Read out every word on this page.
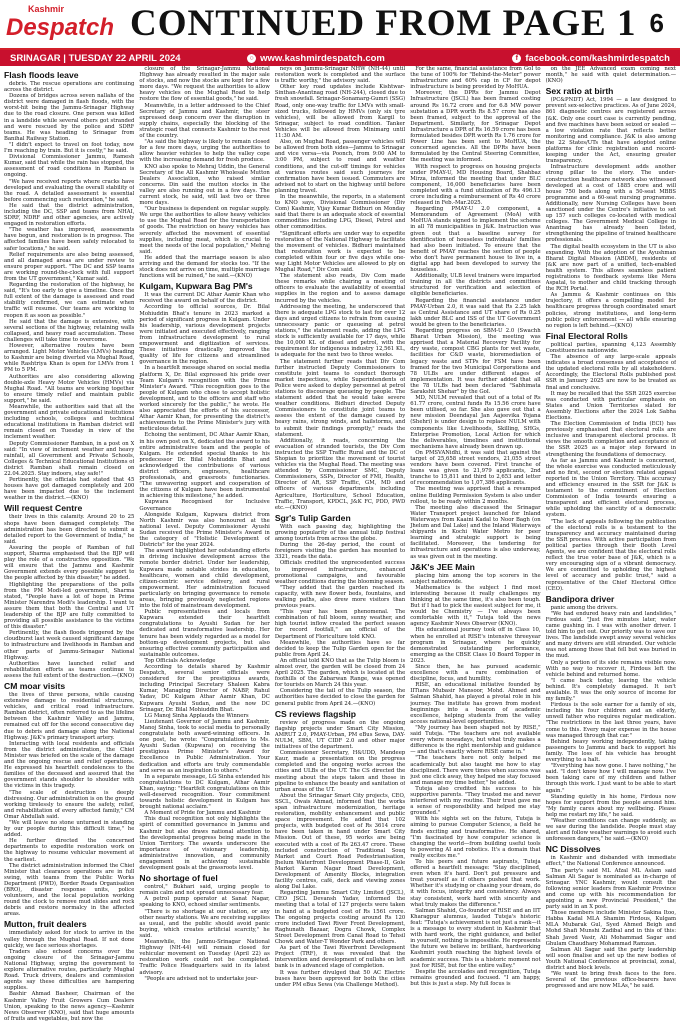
Kashmir
Despatch CONTINUED FROM PAGE 1 6
SRINAGAR | TUESDAY 22 APRIL 2024	○ www.kashmirdespatch.com	f facebook.com/kashmirdespatch
Flash floods leave

debris. The rescue operations are continuing across the district.

Dozens of bridges across seven nallahs of the district were damaged in flash floods, with the worst-hit being the Jammu-Srinagar Highway due to the road closure. One person was killed in a landslide while several others got stranded and were rescued by the police and SDRF teams. He was heading to Srinagar from Banihal Railway Station.

"I didn't expect to travel on foot today, now I'm reaching by train. But it is costly," he said.

Divisional Commissioner Jammu, Ramesh Kumar, said that while the rain has stopped, the assessment of road conditions in Ramban is ongoing.

"We have received reports where cracks have developed and evaluating the overall stability of the road. A detailed assessment is essential before commencing such restoration," he said.

He said that the district administration, including the DC, SSP and teams from NHAI, SDRF, NDRF and other agencies, are actively engaged in restoration efforts.

"The weather has improved, assessments have begun, and restoration is in progress. The affected families have been safely relocated to safer locations," he said.

Relief requirements are also being assessed, and all damaged areas are under review to ensure proper support. "The DC and SSP teams are working round-the-clock with full support from the UT government," Kumar said.

Regarding the restoration of the highway, he said, "It's too early to give a timeline. Once the full extent of the damage is assessed and road stability confirmed, we can estimate when traffic will resume. Our teams are working to reopen it as soon as possible."

He said that the damage is extensive, with several sections of the highway, retaining walls collapsed, and heavy road accumulation. These challenges will take time to overcome.

However, alternative routes have been arranged. Light Motor Vehicles (LMVs) heading to Kashmir are being diverted via Mughal Road, while Rashtriya Khan is open for LMVs from 1 PM to 5 PM.

Authorities are also considering allowing double-axle Heavy Motor Vehicles (HMVs) via Mughal Road. "All teams are working together to ensure timely relief and maintain public support," he said.

Meanwhile, the authorities said that all the government and private educational institutions including schools, colleges and technical educational institutions in Ramban district will remain closed on Tuesday in view of the inclement weather.

Deputy Commissioner Ramban, in a post on X said: "In view of inclement weather and heavy rainfall, all Government and Private Schools, Colleges & Technical Educational Institutions of district Ramban shall remain closed on 22.04.2025. Stay indoors, stay safe!"

Pertinently, the officials had stated that 45 houses have got damaged completely and 200 have been impacted due to the inclement weather in the district.—(KNO)

Will request Centre

their lives in this calamity. Around 20 to 25 shops have been damaged completely. The administration has been directed to submit a detailed report to the Government of India," he said.

Assuring the people of Ramban of full support, Sharma emphasised that the BJP will play the role of a constructive opposition. "We will ensure that the Jammu and Kashmir Government extends every possible support to the people affected by this disaster," he added.

Highlighting the preparations of the polls from the PM Modi-led government, Sharma stated, "People have a lot of hope in Prime Minister Narendra Modi's leadership. I want to assure them that both the Central and UT leadership of the BJP are fully committed to providing all possible assistance to the victims of this disaster."

Pertinently, the flash floods triggered by the cloudburst last week caused significant damage to infrastructure and livelihoods in Ramban and other parts of Jammu-Srinagar National Highway.

Authorities have launched relief and rehabilitation efforts as teams continue to assess the full extent of the destruction.—(KNO)

CM moar visits

the lives of three persons, while causing extensive damage to residential structures, vehicles, and critical road infrastructure. Ramban district, often referred to as the lifeline between the Kashmir Valley and Jammu, remained cut off for the second consecutive day due to debris and damage along the National Highway. J&K's primary transport artery.

Interacting with local residents and officials from the district administration, the Chief Minister was briefed on the scale of the damage and the ongoing rescue and relief operations. He expressed his heartfelt condolences to the families of the deceased and assured that the government stands shoulder to shoulder with the victims in this tragedy.

"The scale of destruction is deeply distressing. Our administration is on the ground working tirelessly to ensure the safety, relief, and rehabilitation of every affected family," CM Omar Abdullah said.

"We will leave no stone unturned in standing by our people during this difficult time," he added.

He further directed the concerned departments to expedite restoration work on the highway to resume vehicular movement at the earliest.

The district administration informed the Chief Minister that clearance operations are in full swing, with teams from the Public Works Department (PWD), Border Roads Organisation (BRO), disaster response units, police volunteers, and the local population working round the clock to remove mud slides and rock debris and restore normalcy in the affected areas.

Mutton, fruit dealers

immediately asked for stock to arrive in the valley through the Mughal Road. If not done quickly, we face serious shortages.

Traders also echoed concerns over the ongoing closure of the Srinagar-Jammu National Highway, urging the government to explore alternative routes, particularly Mughal Road. Truck drivers, dealers and commission agents say these difficulties are hampering supplies.

Bashir Ahmad Basheer, Chairman of the Kashmir Valley Fruit Growers Cum Dealers Union, speaking to the news agency—Kashmir News Observer (KNO), said that huge amounts of fruits and vegetables, but now the

closure of the Srinagar-Jammu National Highway has already resulted in the major sale of stocks, and now the stocks are kept for a few more days. "We request the authorities to allow heavy vehicles on the Mughal Road to help restore the flow of essential goods," he said.

Meanwhile, in a letter addressed to the Chief Secretary of Jammu and Kashmir, the steer expressed deep concern over the disruption in supply chains, especially the blocking of the strategic road that connects Kashmir to the rest of the country.

"As said the highway is likely to remain closed for a few more days, urging the authorities to allow heavier vehicles to help the valley cope with the increasing demand for fresh produce.

KNO also spoke to Mehraj Uddin, the General Secretary of the All Kashmir Wholesale Mutton Dealers Association, who raised similar concerns. Din said the mutton stocks in the valley are also running out in a few days. The current stock, he said, will last two or three more days.

"Our business is dependent on regular supply. We urge the authorities to allow heavy vehicles to use the Mughal Road for the transportation of goods. The restriction on heavy vehicles has severely affected the movement of essential supplies, including meat, which is crucial to meet the needs of the local population," Mehraj said.

He added that the marriage season is also arriving and the demand for stocks too. "If the stock does not arrive on time, multiple marriage functions will be ruined," he said.—(KNO)

Kulgam, Kupwara Bag PM's

It was the current DC Athar Aamir Khan who received the award on behalf of the district.

According to official sources, Dr. Bilal Mohiuddin Bhat's tenure in 2023 marked a period of significant progress in Kulgam. Under his leadership, various development projects were initiated and executed effectively, ranging from infrastructure development to rural empowerment and digitization of services. These initiatives drastically improved the quality of life for citizens and streamlined governance in the region.

In a heartfelt message shared on social media platform X, Dr. Bilal expressed his pride over Team Kulgam's recognition with the Prime Minister's Award. "This recognition goes to the people of Kulgam who chose to accept holistic development, and to the officers and staff who worked sincerely for the public," he wrote. He also appreciated the efforts of his successor, Athar Aamir Khan, for presenting the district's achievements to the Prime Minister's jury with meticulous detail.

Echoing the sentiment, DC Athar Aamir Khan, in his own post on X, dedicated the award to his entire administrative team and the people of Kulgam. He extended special thanks to his predecessor Dr. Bilal Mohiuddin Bhat and acknowledged the contributions of various district officers, engineers, healthcare professionals, and grassroots functionaries. "The unwavering support and cooperation of the citizens of Kulgam have been instrumental in achieving this milestone," he added.

Kupwara Recognised for Inclusive Governance

Alongside Kulgam, Kupwara district from North Kashmir was also honoured at the national level. Deputy Commissioner Ayushi Sudan received the Prime Minister's Award in the category of "Holistic Development of Districts" for the year 2024.

The award highlighted her outstanding efforts in driving inclusive development across the remote border district. Under her leadership, Kupwara made notable strides in education, healthcare, women and child development, citizen-centric service delivery, and rural empowerment. Her administration focused particularly on bringing governance to remote areas, bringing previously neglected regions into the fold of mainstream development.

Public representatives and locals from Kupwara extended their heartfelt congratulations to Ayushi Sudan for her dedicated and transformative leadership. Her tenure has been widely regarded as a model for bottom-up development projects, but also ensuring effective community participation and sustainable outcomes.

Top Officials Acknowledge

According to details shared by Kashmir Despatch, several senior officials were considered for the prestigious awards, including Principal Secretary Shaleen Kabra Kumar, Managing Director of NABP, Rahul Yadav, DC Kulgam Athar Aamir Khan, DC Kupwara Ayushi Sudan, and the now DC Srinagar, Dr. Bilal Mohiuddin Bhat.

LG Manoj Sinha Applauds the Winners

Lieutenant Governor of Jammu and Kashmir, Manoj Sinha, took to social media to personally congratulate both award-winning officers. In one post, he wrote: "Congratulations to Ms. Ayushi Sudan (Kupwara) on receiving the prestigious Prime Minister's Award for Excellence in Public Administration. Your dedication and efforts are truly commendable and serve as an inspiration to others."

In a separate message, LG Sinha extended his congratulations to DC Kulgam, Athar Aamir Khan, saying: "Heartfelt congratulations on this well-deserved recognition. Your commitment towards holistic development in Kulgam has brought national acclaim."

A Moment of Pride for Jammu and Kashmir

This dual recognition not only highlights the spirit of committed governance in Jammu and Kashmir but also draws national attention to the developmental progress being made in the Union Territory. The awards underscore the importance of visionary leadership, administrative innovation, and community engagement in achieving sustainable development goals at the grassroots level.

No shortage of fuel

control," Bukhari said, urging people to remain calm and not spread unnecessary fear.

A petrol pump operator at Sanat Nagar, speaking to KNO, echoed similar sentiments.

"There is no shortage at our station, or any other nearby stations. We are receiving supplies as usual, and the public should avoid panic buying, which creates artificial scarcity," he said.

Meanwhile, the Jammu-Srinagar National Highway (NH-44) will remain closed for vehicular movement on Tuesday (April 22) as restoration work could not be completed. Traffic Police Headquarters said in its latest advisory.

"People are advised not to undertake jour-

neys on Jammu-Srinagar NHW (NH-44) until restoration work is completed and the surface is traffic worthy," the advisory said.

Other key road updates include Kishtwar-Sinthan-Anantnag road (NH-244), closed due to fresh snowfall. Srinagar-Sonamarg-Gumri (SSG) Road, only one-way traffic for LMVs with small-sized trucks, followed by HMVs (only six tyre vehicles), will be allowed from Kargil to Srinagar, subject to road condition. Tanker Vehicles will be allowed from Minimarg until 11:30 AM.

Also, on Mughal Road, passenger vehicles will be allowed from both sides—Jammu to Srinagar and vice versa—via Poonch, from 9:00 AM to 3:00 PM, subject to road and weather conditions, and the cut-off timings for vehicles at various routes said such journeys for confirmation have been issued. Commuters are advised not to start on the highway until before planning travel.

In the meanwhile, the reports, in a statement to KNO says, Divisional Commissioner (Div Com) Kashmir, Vijay Kumar Bidhuri on Monday said that there is an adequate stock of essential commodities including LPG, Diesel, Petrol and other commodities.

"Significant efforts are under way to expedite restoration of the National Highway to facilitate the movement of vehicles. Bidhuri maintained that restoration work is expected to be completed within four or five days while one-way Light Motor Vehicles are allowed to ply on Mughal Road," Div Com said.

The statement also reads, Div Com made these remarks while chairing a meeting of officers to evaluate the availability of essential supplies in the region and to assess damage incurred by the vehicles.

Addressing the meeting, he underscored that there is adequate LPG stock to last for over 12 days and urged citizens to refrain from causing unnecessary panic or queueing at petrol stations," the statement reads, adding the LPG stock is sufficiently available for 17 days, while the 10,000 KL of diesel and petrol, with the requirement for indigenous industry 12,561 KL, is adequate for the next two to three weeks.

The statement further reads that Div Com further instructed Deputy Commissioners to constitute joint teams to conduct thorough market inspections, while Superintendents of Police were asked to deploy personnel at petrol stations to discourage queueing by people. The statement added that he would take severe weather conditions. Bidhuri directed Deputy Commissioners to constitute joint teams to assess the extent of the damage caused by heavy rains, strong winds, and hailstorms, and to submit their findings promptly," reads the statement.

Additionally, it reads, concerning the evacuation of stranded tourists, the Div Com instructed the SSP Traffic Rural and the DC of Shopian to prioritize the movement of tourist vehicles via the Mughal Road. The meeting was attended by Commissioner SMC, Deputy Commissioners, SSPs, Director of FMI, Health, Director of AR, SSP Traffic, GM, MD and officers of various departments including Agriculture, Horticulture, School Education, Traffic, Transport, KPDCL, J&K FC, PDD, PWD etc.—(KNO)

Sgr's Tulip Garden

With each passing day, highlighting the growing popularity of the annual tulip festival among tourists from across the globe.

During the 26-day period, the count of foreigners visiting the garden has mounted to 3321, reads the data.

Officials credited the unprecedented success to improved infrastructure, enhanced promotional campaigns, and favourable weather conditions during the blooming season.

"They added that the garden reached its capacity, with new flower beds, fountains, and walking paths, also drew more visitors than previous years.

"This year has been phenomenal. The combination of full bloom, sunny weather, and high tourist inflow created the perfect season for record footfall," an official of the Department of Floriculture told KNO.

Meanwhile, the authorities have so far decided to keep the Tulip Garden open for the public from April 24.

An official told KNO that as the Tulip bloom is almost over, the garden will be closed from 24 April 2025. The garden, which is located at the foothills of the Zabarwan Range, was opened for tourists on March 24 this year.

Considering the tail of the Tulip season, the authorities have decided to close the garden for general public from April 24.—(KNO)

CS reviews flagship

review of progress made on the ongoing flagship projects under Smart City Mission, AMRUT 2.0, PMAY-Urban, PM eBus Sewa, DAY-NULM, SBM, UT CIDF 2.0 and other major initiatives of the department.

Commissioner Secretary, H&UDD, Mandeep Kaur, made a presentation on the progress completed and the ongoing works across the cities and ULBs of the UT. The CS directed the meeting about the steps taken and those in pipeline to enhance the beauty and sanitation of urban areas of the UT.

About the Srinagar Smart City projects, CEO, SSCL, Owais Ahmad, informed that the works span infrastructure modernization, heritage restoration, mobility enhancement and public space improvement. He added that 102 projects, with budgeted cost of Rs 3614 crore have been taken in hand under Smart City Mission. Out of these, 95 works are being executed with a cost of Rs 263.47 crore. These included construction of Traditional Souq Market and Court Road Pedestrianisation, Jhelum Waterfront Development Phase-II, Gole Market Karan Nagar Road Development, Development of Amenity Blocks, integration facility centres, café, deck and viewing zones along Dal Lake.

Regarding Jammu Smart City Limited (JSCL), CEO JSCL Devansh Yadav, informed the meeting that a total of 127 projects were taken in hand at a budgeted cost of Rs 1561 crore. The ongoing projects costing around Rs 120 crore included Tawi River Front Development, Raghunath Bazaar, Dogra Chowk, Complex Street Development from Canal Road to Tehsil Chowk and Water-T Wonder Park and others.

As part of the Tawi Riverfront Development Project (TRF), it was revealed that the intervention and development of nullahs on left bank is in advanced stage of completion.

It was further divulged that 50 AC Electric buses have been approved for both the cities under PM eBus Sewa (via Challenge Method).

For the same, financial assistance from GoI to the tune of 100% for "Behind-the-Meter" power infrastructure and 60% cap in CF for depot infrastructure is being provided by MoHUA.

Moreover, the DPRs for Jammu Depot Infrastructure (JSCL) has been framed costing around Rs 16.72 crore and for 6.8 MW power substation a DPR worth Rs 8.57 crore has also been framed, subject to the approval of the Department. Similarly, for Srinagar Depot Infrastructure a DPR of Rs 16.59 crore has been formulated besides DPR worth Rs 1.76 crore for Power Line has been sent to MoHUA, the concerned agencies. All the DPRs have been formulated by the Central Steering Committee, the meeting was informed.

With respect to progress on housing projects under PMAY-U, MD Housing Board, Shahbaz Mirza, informed the meeting that under BLC component, 16,000 beneficiaries have been completed with a fund utilization of Rs 496.13 crore including a reimbursement of Rs 40 crore released in Feb.-Mar.2025.

Regarding PMAY-U 2.0 component, a Memorandum of Agreement (MoA) with MoHUA stands signed to implement the scheme in all 78 municipalities in J&K. Instruction was given out that a baseline survey for identification of houseless individuals' families had also been initiated. To ensure that the benefit of PMAY reaches the section of people who don't have permanent house to live in, a digital app had been developed to survey the houseless.

Additionally, ULB level trainers were imparted training in all the districts and committees structured for verification and selection of eligible beneficiaries.

Regarding the financial assistance under PMAY-Urban 2.0, it was said that Rs 2.25 lakh as Central Assistance and UT share of Rs 0.25 lakh under BLC and ISS of the UT Government would be given to the beneficiaries.

Regarding progress on SBM-U 2.0 (Swachh Bharat Urban Mission), the meeting was apprised that a Material Recovery Facility for dry waste, compost CBG plants for wet waste, facilities for C&D waste, bioremediation of legacy waste and STPs for FSM have been framed for the two Municipal Corporations and 78 ULBs are under different stages of implementation. It was further added that all the 78 ULBs had been declared "Sabhimata Sarakshit Shehar" by the GoI.

MD, NULM revealed that out of a total of Rs 61.77 crore, central funds Rs 15.56 crore have been utilised, so far. She also gave out that a new mission Deendayal Jan Aajeevika Yojana (Shehri) is under design to replace NULM with components like Livelihoods, Skilling, SHGs, Enterprise Promotion, Local Action for which the deliverables, timelines and institutional mechanisms have already been drawn up.

On PMSVANidhi, it was said that against the target of 25,658 street vendors, 21,055 street vendors have been covered. First tranche of loans was given to 21,979 applicants, 2nd tranche to 15,811 and third to 2,653 and letter of recommendation to 1,07,386 applicants.

The meeting was apprised that a revamped online Building Permission System is also under rollout, to be ready within 2 months.

The meeting also discussed the Srinagar Water Transport project launched for Inland Waterways from Kaaini Kadal to Noor Bagh (on Jhelum and Dal Lake) and the Inland Waterways shipyards in Kochi Water Metro for peer learning and strategic support is being facilitated. Moreover, the tendering for infrastructure and operations is also underway, as was given out in the meeting.

J&K's JEE Main

placing him among the top scorers in the subject nationwide.

Mathematics is the subject I find most interesting because it really challenges my thinking at the same time, it's also been tough. But if I had to pick the easiest subject for me, it would be Chemistry — I've always been comfortable with it," Tuteja told the news agency Kashmir News Observer (KNO).

His educational journey took off in Class 10, when he enrolled at RISE's intensive threeyear program in Srinagar, where he quickly demonstrated outstanding performance, emerging as the CBSE Class 10 Board Topper in 2023.

Since then, he has pursued academic excellence with a rare combination of discipline, focus, and humility.

RISE, an educational initiative founded by IITians Mubasir Mansoor, Mohd. Ahmed and Salman Shahid, has played a pivotal role in his journey. The institute has grown from modest beginnings into a beacon of academic excellence, helping students from the valley access national-level opportunities.

"My journey has been shaped not by RISE," said Tuteja. "The teachers are not available every where nowadays, but what truly makes a difference is the right mentorship and guidance — and that's exactly where RISE came in."

"The teachers here not only helped me academically but also taught me how to stay disciplined. There were times when success was just one click away, they helped me stay focused and manage my time better," he added.

Tuteja also credited his success to his supportive parents. "They trusted me and never interfered with my routine. Their trust gave me a sense of responsibility and helped me stay grounded."

With his sights set on the future, Tuteja is aiming to pursue Computer Science, a field he finds exciting and transformative. He shared, "I'm fascinated by how computer science is changing the world—from building useful tools to powering AI and robotics. It's a domain that really excites me."

To his peers and future aspirants, Tuteja offered a heartfelt message: "Stay disciplined, even when it's hard. Don't put pressure and treat yourself as if others pushed that work. Whether it's studying or chasing your dream, do it with focus, integrity and consistency. Always stay consistent, work hard with sincerity and what truly makes the difference."

Salman Shahid, Co-founder of RISE and an IIT Kharagpur alumnus, lauded Tuteja's historic feat: "Tuteja's achievement is not just a rank—it is a message to every student in Kashmir that with hard work, the right guidance, and belief in yourself, nothing is impossible. He represents the future we believe in: brilliant, hardworking Kashmiri youth reaching the highest levels of academic success. This is a historic moment not just for RISE, but for the entire valley."

Despite the accolades and recognition, Tuteja remains grounded and focused. "I am happy, but this is just a step. My full focus is

on the JEE Advanced exam coming next month," he said with quiet determination.—(KNO)

Sex ratio at birth

(PC&PNDT) Act, 1994 — a law designed to prevent sex-selective practices. As of June 2024, 861 diagnostic centres are registered across J&K. Only one court case is currently pending, and five machines have been seized or sealed — a low violation rate that reflects better monitoring and compliance. J&K is also among the 22 States/UTs that have adopted online platforms for clinic registration and record-keeping under the Act, ensuring greater transparency.

Infrastructure development adds another strong pillar to the story. The under-construction healthcare network also witnessed developed at a cost of 1885 crore and will house 750 beds along with a 50-seat MBBS programme and a 60-seat nursing programme. Additionally, new Nursing Colleges have been sanctioned under the Centre's initiative to set up 157 such colleges co-located with medical colleges. The Government Medical College in Anantnag has already been listed, strengthening the pipeline of trained healthcare professionals.

The digital health ecosystem in the UT is also expanding. With the adoption of the Ayushman Bharat Digital Mission (ABDM), residents of J&K are now part of a unified, tech-enabled health system. This allows seamless patient registrations to feedback systems like Mera Aspatal, to mother and child tracking through the RCH Portal.

As Jammu & Kashmir continues on this trajectory, it offers a compelling model for healthcare progress through coordinated smart policies, strong institutions, and long-term public policy enforcement — all while ensuring no region is left behind.—(KNO)

Final Electoral Rolls

political parties, spanning 4,123 Assembly Constituencies nationwide.

The absence of any large-scale appeals indicates a broad consensus and acceptance of the updated electoral rolls by all stakeholders. Accordingly, the Electoral Rolls published post SSR in January 2025 are now to be treated as final and conclusive.

It may be recalled that the SSR 2025 exercise was conducted with particular emphasis on States and Union Territories slated for Assembly Elections after the 2024 Lok Sabha Elections.

The Election Commission of India (ECI) has previously emphasised that electoral rolls are inclusive and transparent electoral process. It views the smooth completion and acceptance of the SSR 2025 as a major step forward in strengthening the foundations of democracy.

As far as Jammu and Kashmir is concerned, the whole exercise was conducted meticulously and no first, second or election related appeal reported in the Union Territory. This accuracy and efficiency ensured in the SSR for J&K is testament to the commitment of Election Commission of India towards ensuring a transparent and efficient electoral process, while upholding the sanctity of a democratic system.

"The lack of appeals following the publication of the electoral rolls is a testament to the transparency and accuracy maintained during the SSR process. With active participation from political parties through their Booth Level Agents, we are confident that the electoral rolls reflect the true voter base of J&K, which is a very encouraging sign of a vibrant democracy. We are committed to upholding the highest level of accuracy and public trust," said a representative of the Chief Electoral Office (CEO).

Bandipora driver

panic among the drivers.

"We had endured heavy rain and landslides," Firdous said. "Just five minutes later, water came gushing in. I was with another driver. I told him to get out. Our priority was to save our lives. The landslide swept away several vehicles and many drivers are still stranded. Our vehicle was not among those that fell but was buried in the mud.

Only a portion of its side remains visible now. With no way to recover it, Firdous left the vehicle behind and returned home.

"I came back today, leaving the vehicle behind. It's completely damaged. It isn't available. It was the only source of income for my family."

Firdous is the sole earner for a family of six, including his four children and an elderly, unwell father who requires regular medication. "The restrictions in the last three years, have come to this. Every major expense in the house was managed through that car."

Behind heavy working independently, taking passengers to Jammu and back to support his family. The loss of his vehicle has brought everything to a halt.

"Everything has now gone. I have nothing," he said. "I don't know how I will manage now. I've been taking care of my children and father through this work. I just want to be able to start again."

Standing quietly in his home, Firdous now hopes for support from the people around him. "My family cares about my wellbeing. Please help me restart my life," he said.

"Weather conditions can change suddenly, as we saw during the landslide. People must stay alert and follow weather warnings to avoid such unforeseen dangers," he said.—(KNO)

NC Dissolves

in Kashmir and disbanded with immediate effect," the National Conference announced.

The party's said ML Afzal ML Aslam said Salman Ali Sagar is nominated as in-charge of Srinagar. YNC Kashmir, would consult the following senior leaders from Kashmir Province and come up with his recommendation for appointing a new Provincial President," the party said in an X post.

Those members include Minister Sakina Itoo, Habba Kadal MLA Shamim Firdous, Kulgam MLA Mubarak Gul, Syed Ahmed Beigh and Mohd Shafi Munshi Zadibal and in this of this: Shah Javed Vasir, Ali Mohammad Sagar and Ghulam Chaudhary Mohammad Ramzan.

Salman Ali Sagar said the party leadership will soon finalise and set up the new bodies of Youth National Conference at provincial, zonal, district and block levels.

"We want to bring fresh faces to the fore. Several of the previous office-bearers have progressed and are now MLAs," he said.
